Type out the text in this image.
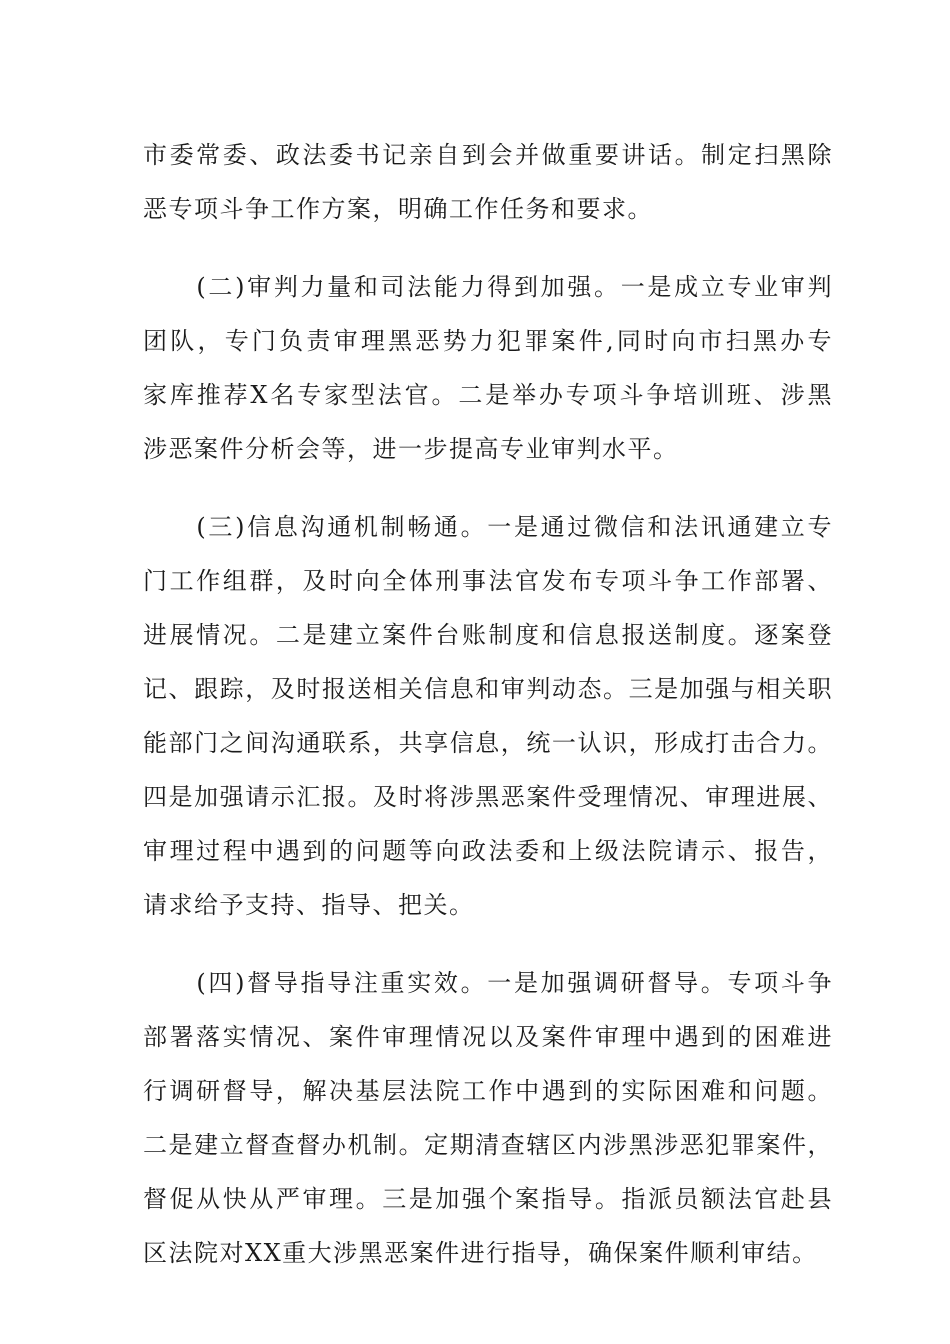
市委常委、政法委书记亲自到会并做重要讲话。制定扫黑除
恶专项斗争工作方案，明确工作任务和要求。
　　(二)审判力量和司法能力得到加强。一是成立专业审判
团队，专门负责审理黑恶势力犯罪案件,同时向市扫黑办专
家库推荐X名专家型法官。二是举办专项斗争培训班、涉黑
涉恶案件分析会等，进一步提高专业审判水平。
　　(三)信息沟通机制畅通。一是通过微信和法讯通建立专
门工作组群，及时向全体刑事法官发布专项斗争工作部署、
进展情况。二是建立案件台账制度和信息报送制度。逐案登
记、跟踪，及时报送相关信息和审判动态。三是加强与相关职
能部门之间沟通联系，共享信息，统一认识，形成打击合力。
四是加强请示汇报。及时将涉黑恶案件受理情况、审理进展、
审理过程中遇到的问题等向政法委和上级法院请示、报告，
请求给予支持、指导、把关。
　　(四)督导指导注重实效。一是加强调研督导。专项斗争
部署落实情况、案件审理情况以及案件审理中遇到的困难进
行调研督导，解决基层法院工作中遇到的实际困难和问题。
二是建立督查督办机制。定期清查辖区内涉黑涉恶犯罪案件，
督促从快从严审理。三是加强个案指导。指派员额法官赴县
区法院对XX重大涉黑恶案件进行指导，确保案件顺利审结。
